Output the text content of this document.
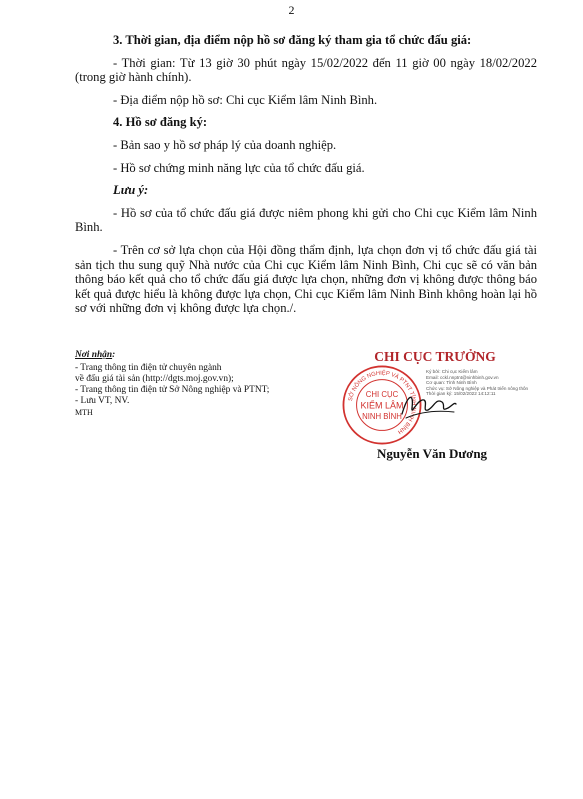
2

3. Thời gian, địa điểm nộp hồ sơ đăng ký tham gia tổ chức đấu giá:

- Thời gian: Từ 13 giờ 30 phút ngày 15/02/2022 đến 11 giờ 00 ngày 18/02/2022 (trong giờ hành chính).

- Địa điểm nộp hồ sơ: Chi cục Kiểm lâm Ninh Bình.

4. Hồ sơ đăng ký:

- Bản sao y hồ sơ pháp lý của doanh nghiệp.

- Hồ sơ chứng minh năng lực của tổ chức đấu giá.

Lưu ý:

- Hồ sơ của tổ chức đấu giá được niêm phong khi gửi cho Chi cục Kiểm lâm Ninh Bình.

- Trên cơ sở lựa chọn của Hội đồng thẩm định, lựa chọn đơn vị tổ chức đấu giá tài sản tịch thu sung quỹ Nhà nước của Chi cục Kiểm lâm Ninh Bình, Chi cục sẽ có văn bản thông báo kết quả cho tổ chức đấu giá được lựa chọn, những đơn vị không được thông báo kết quả được hiểu là không được lựa chọn, Chi cục Kiểm lâm Ninh Bình không hoàn lại hồ sơ với những đơn vị không được lựa chọn./.

Nơi nhận:
- Trang thông tin điện tử chuyên ngành
về đấu giá tài sản (http://dgts.moj.gov.vn);
- Trang thông tin điện tử Sở Nông nghiệp và PTNT;
- Lưu VT, NV.
MTH
CHI CỤC TRƯỞNG
SỞ NÔNG NGHIỆP VÀ PTNT TỈNH NINH BÌNH
CHI CỤC
KIỂM LÂM
NINH BÌNH
Ký bởi: Chi cục Kiểm lâm
Email: cckl.nnptnt@ninhbinh.gov.vn
Cơ quan: Tỉnh Ninh Bình
Chức vụ: Sở Nông nghiệp và Phát triển nông thôn
Thời gian ký: 15/02/2022 14:12:11
Nguyễn Văn Dương
